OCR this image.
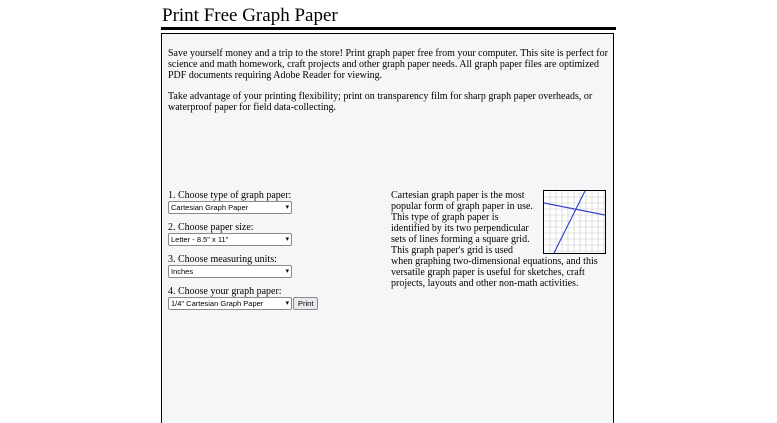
Print Free Graph Paper

Save yourself money and a trip to the store! Print graph paper free from your computer. This site is perfect for science and math homework, craft projects and other graph paper needs. All graph paper files are optimized PDF documents requiring Adobe Reader for viewing.

Take advantage of your printing flexibility; print on transparency film for sharp graph paper overheads, or waterproof paper for field data-collecting.

1. Choose type of graph paper:
Cartesian Graph Paper	▾
2. Choose paper size:
Letter - 8.5" x 11"	▾
3. Choose measuring units:
Inches	▾
4. Choose your graph paper:
1/4" Cartesian Graph Paper	▾ Print
Cartesian graph paper is the most popular form of graph paper in use. This type of graph paper is identified by its two perpendicular sets of lines forming a square grid. This graph paper's grid is used when graphing two-dimensional equations, and this versatile graph paper is useful for sketches, craft projects, layouts and other non-math activities.
